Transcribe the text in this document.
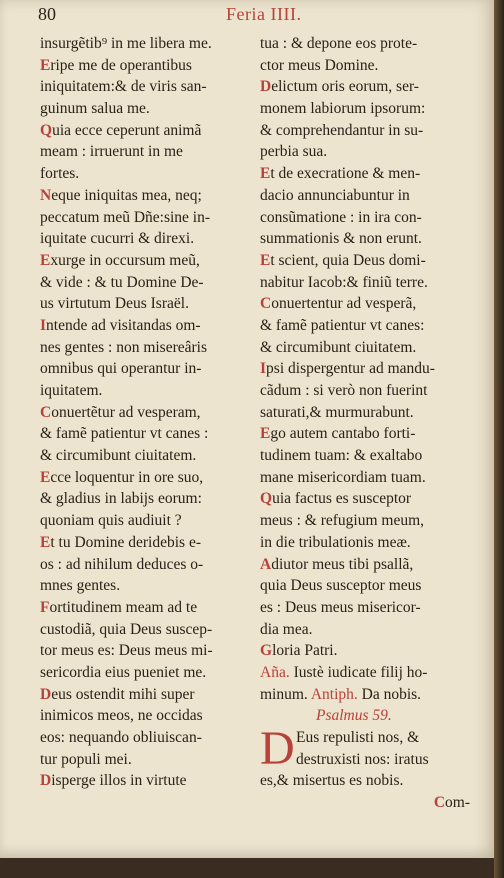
80	Feria IIII.
insurgẽtib⁹ in me libera me.
Eripe me de operantibus
iniquitatem:& de viris san-
guinum salua me.
Quia ecce ceperunt animã
meam : irruerunt in me
fortes.
Neque iniquitas mea, neq;
peccatum meũ Dñe:sine in-
iquitate cucurri & direxi.
Exurge in occursum meũ,
& vide : & tu Domine De-
us virtutum Deus Israël.
Intende ad visitandas om-
nes gentes : non misereâris
omnibus qui operantur in-
iquitatem.
Conuertẽtur ad vesperam,
& famẽ patientur vt canes :
& circumibunt ciuitatem.
Ecce loquentur in ore suo,
& gladius in labijs eorum:
quoniam quis audiuit ?
Et tu Domine deridebis e-
os : ad nihilum deduces o-
mnes gentes.
Fortitudinem meam ad te
custodiã, quia Deus suscep-
tor meus es: Deus meus mi-
sericordia eius pueniet me.
Deus ostendit mihi super
inimicos meos, ne occidas
eos: nequando obliuiscan-
tur populi mei.
Disperge illos in virtute
tua : & depone eos prote-
ctor meus Domine.
Delictum oris eorum, ser-
monem labiorum ipsorum:
& comprehendantur in su-
perbia sua.
Et de execratione & men-
dacio annunciabuntur in
consũmatione : in ira con-
summationis & non erunt.
Et scient, quia Deus domi-
nabitur Iacob:& finiũ terre.
Conuertentur ad vesperã,
& famẽ patientur vt canes:
& circumibunt ciuitatem.
Ipsi dispergentur ad mandu-
cãdum : si verò non fuerint
saturati,& murmurabunt.
Ego autem cantabo forti-
tudinem tuam: & exaltabo
mane misericordiam tuam.
Quia factus es susceptor
meus : & refugium meum,
in die tribulationis meæ.
Adiutor meus tibi psallã,
quia Deus susceptor meus
es : Deus meus misericor-
dia mea.
Gloria Patri.
Aña. Iustè iudicate filij ho-
minum. Antiph. Da nobis.
Psalmus 59.
D Eus repulisti nos, &
destruxisti nos: iratus
es,& misertus es nobis.
Com-
